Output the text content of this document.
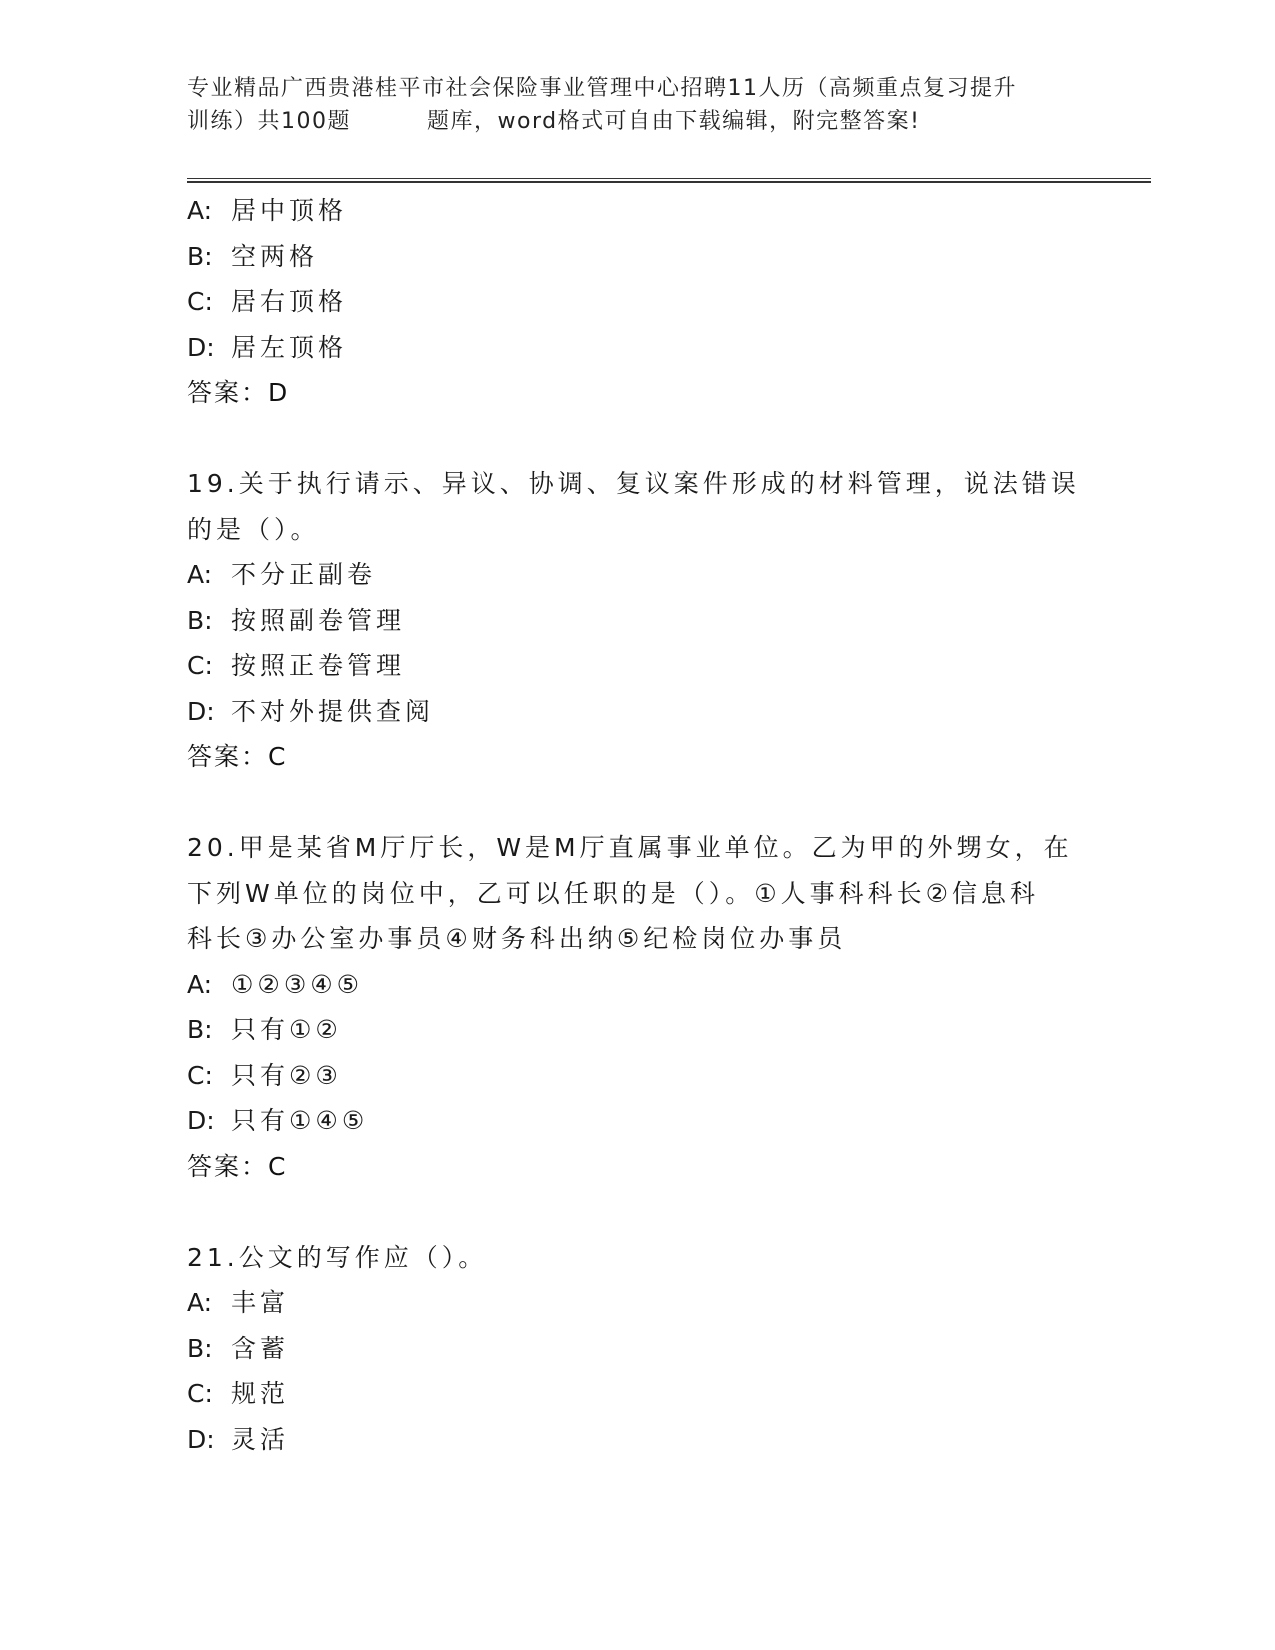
专业精品广西贵港桂平市社会保险事业管理中心招聘11人历（高频重点复习提升
训练）共100题	题库，word格式可自由下载编辑，附完整答案!
A: 居中顶格
B: 空两格
C: 居右顶格
D: 居左顶格
答案：D
19.关于执行请示、异议、协调、复议案件形成的材料管理，说法错误
的是（）。
A: 不分正副卷
B: 按照副卷管理
C: 按照正卷管理
D: 不对外提供查阅
答案：C
20.甲是某省M厅厅长，W是M厅直属事业单位。乙为甲的外甥女，在
下列W单位的岗位中，乙可以任职的是（）。①人事科科长②信息科
科长③办公室办事员④财务科出纳⑤纪检岗位办事员
A: ①②③④⑤
B: 只有①②
C: 只有②③
D: 只有①④⑤
答案：C
21.公文的写作应（）。
A: 丰富
B: 含蓄
C: 规范
D: 灵活
